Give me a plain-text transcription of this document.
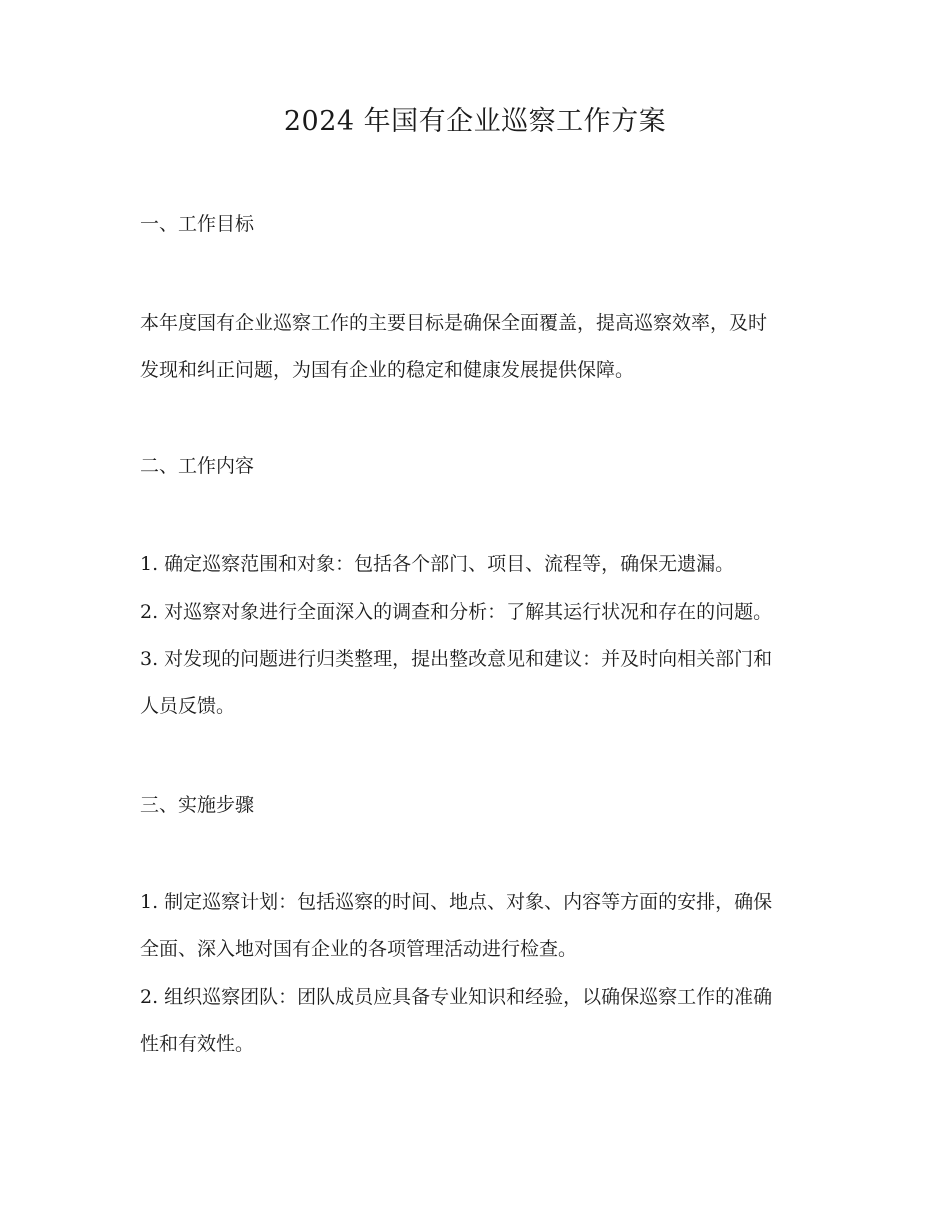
2024 年国有企业巡察工作方案
一、工作目标
本年度国有企业巡察工作的主要目标是确保全面覆盖，提高巡察效率，及时
发现和纠正问题，为国有企业的稳定和健康发展提供保障。
二、工作内容
1. 确定巡察范围和对象：包括各个部门、项目、流程等，确保无遗漏。
2. 对巡察对象进行全面深入的调查和分析：了解其运行状况和存在的问题。
3. 对发现的问题进行归类整理，提出整改意见和建议：并及时向相关部门和
人员反馈。
三、实施步骤
1. 制定巡察计划：包括巡察的时间、地点、对象、内容等方面的安排，确保
全面、深入地对国有企业的各项管理活动进行检查。
2. 组织巡察团队：团队成员应具备专业知识和经验，以确保巡察工作的准确
性和有效性。
